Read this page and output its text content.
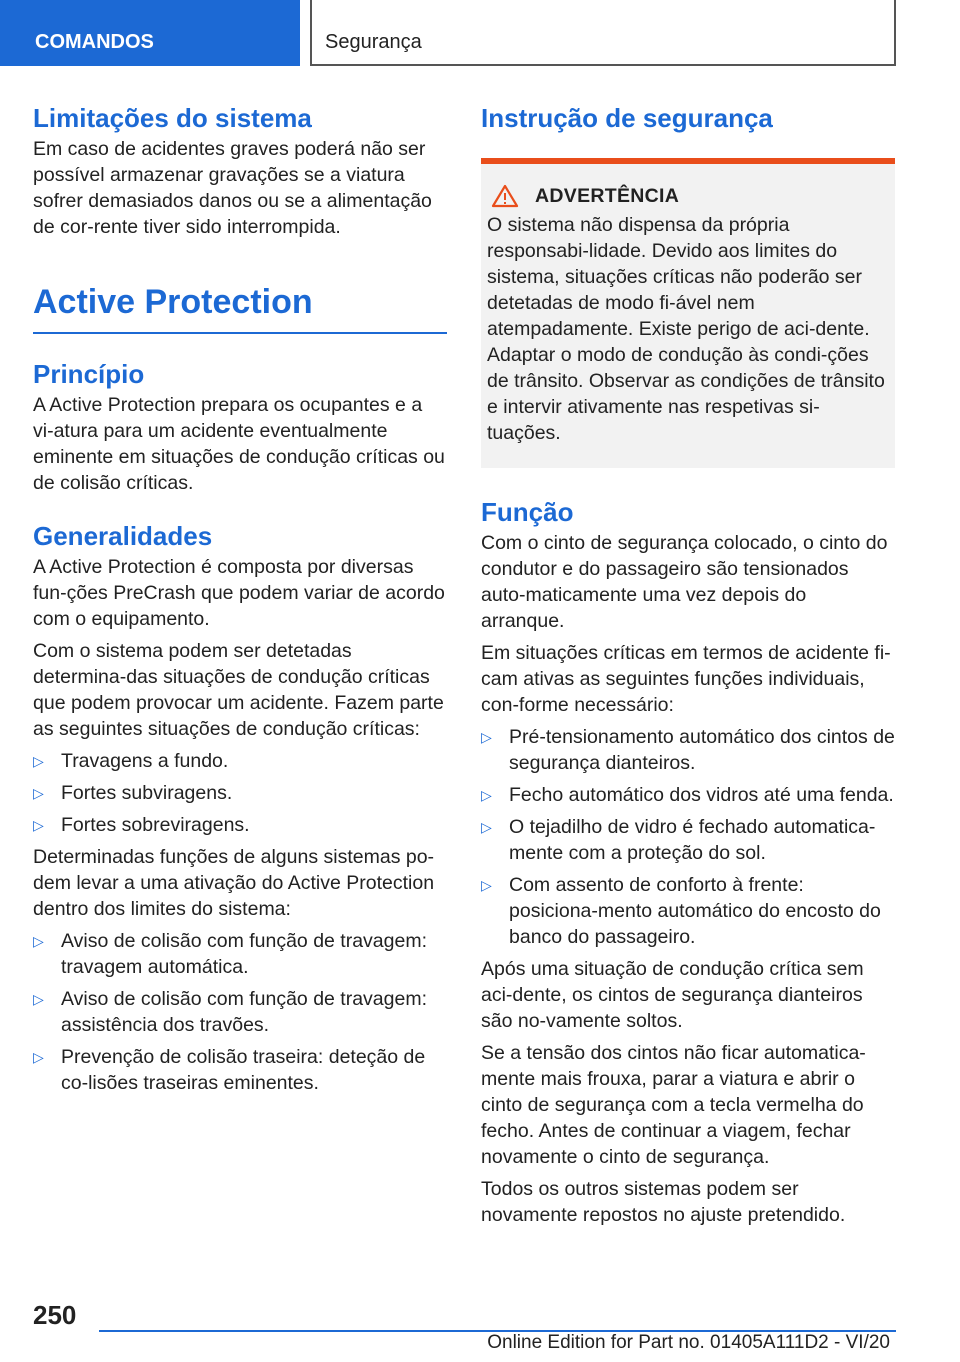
COMANDOS	Segurança
Limitações do sistema

Em caso de acidentes graves poderá não ser possível armazenar gravações se a viatura sofrer demasiados danos ou se a alimentação de cor-rente tiver sido interrompida.

Active Protection
Princípio

A Active Protection prepara os ocupantes e a vi-atura para um acidente eventualmente eminente em situações de condução críticas ou de colisão críticas.

Generalidades

A Active Protection é composta por diversas fun-ções PreCrash que podem variar de acordo com o equipamento.

Com o sistema podem ser detetadas determina-das situações de condução críticas que podem provocar um acidente. Fazem parte as seguintes situações de condução críticas:

▷ Travagens a fundo.
▷ Fortes subviragens.
▷ Fortes sobreviragens.

Determinadas funções de alguns sistemas po-dem levar a uma ativação do Active Protection dentro dos limites do sistema:

▷ Aviso de colisão com função de travagem: travagem automática.
▷ Aviso de colisão com função de travagem: assistência dos travões.
▷ Prevenção de colisão traseira: deteção de co-lisões traseiras eminentes.
Instrução de segurança
ADVERTÊNCIA

O sistema não dispensa da própria responsabi-lidade. Devido aos limites do sistema, situações críticas não poderão ser detetadas de modo fi-ável nem atempadamente. Existe perigo de aci-dente. Adaptar o modo de condução às condi-ções de trânsito. Observar as condições de trânsito e intervir ativamente nas respetivas si-tuações.

Função

Com o cinto de segurança colocado, o cinto do condutor e do passageiro são tensionados auto-maticamente uma vez depois do arranque.

Em situações críticas em termos de acidente fi-cam ativas as seguintes funções individuais, con-forme necessário:

▷ Pré-tensionamento automático dos cintos de segurança dianteiros.
▷ Fecho automático dos vidros até uma fenda.
▷ O tejadilho de vidro é fechado automatica-mente com a proteção do sol.
▷ Com assento de conforto à frente: posiciona-mento automático do encosto do banco do passageiro.

Após uma situação de condução crítica sem aci-dente, os cintos de segurança dianteiros são no-vamente soltos.

Se a tensão dos cintos não ficar automatica-mente mais frouxa, parar a viatura e abrir o cinto de segurança com a tecla vermelha do fecho. Antes de continuar a viagem, fechar novamente o cinto de segurança.

Todos os outros sistemas podem ser novamente repostos no ajuste pretendido.

250
Online Edition for Part no. 01405A111D2 - VI/20
